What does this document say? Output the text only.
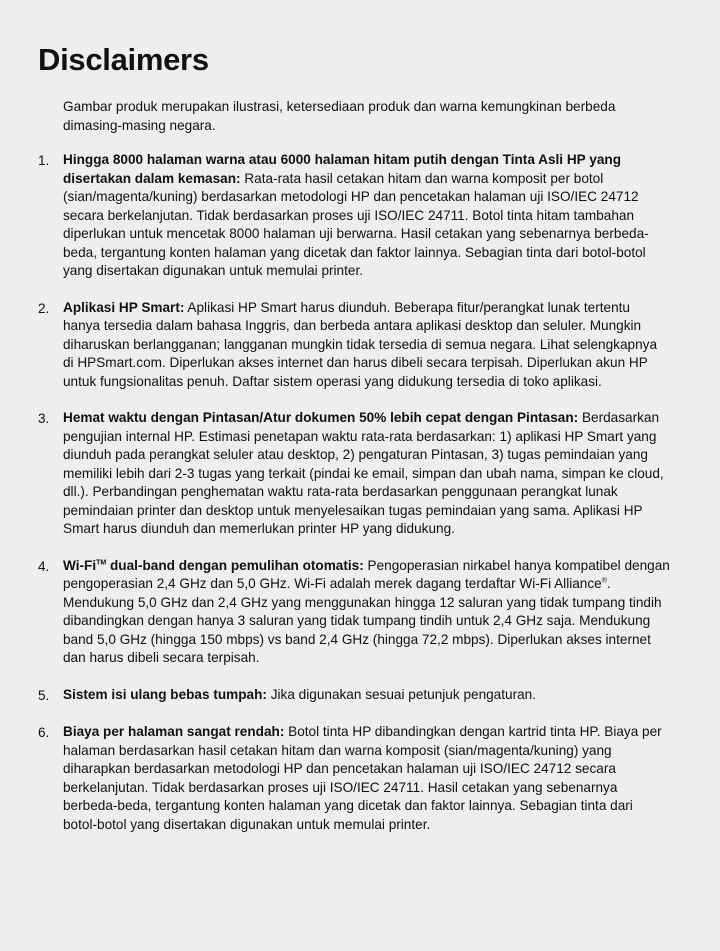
Disclaimers

Gambar produk merupakan ilustrasi, ketersediaan produk dan warna kemungkinan berbeda dimasing-masing negara.

1.	Hingga 8000 halaman warna atau 6000 halaman hitam putih dengan Tinta Asli HP yang disertakan dalam kemasan: Rata-rata hasil cetakan hitam dan warna komposit per botol (sian/magenta/kuning) berdasarkan metodologi HP dan pencetakan halaman uji ISO/IEC 24712 secara berkelanjutan. Tidak berdasarkan proses uji ISO/IEC 24711. Botol tinta hitam tambahan diperlukan untuk mencetak 8000 halaman uji berwarna. Hasil cetakan yang sebenarnya berbeda-beda, tergantung konten halaman yang dicetak dan faktor lainnya. Sebagian tinta dari botol-botol yang disertakan digunakan untuk memulai printer.
2.	Aplikasi HP Smart: Aplikasi HP Smart harus diunduh. Beberapa fitur/perangkat lunak tertentu hanya tersedia dalam bahasa Inggris, dan berbeda antara aplikasi desktop dan seluler. Mungkin diharuskan berlangganan; langganan mungkin tidak tersedia di semua negara. Lihat selengkapnya di HPSmart.com. Diperlukan akses internet dan harus dibeli secara terpisah. Diperlukan akun HP untuk fungsionalitas penuh. Daftar sistem operasi yang didukung tersedia di toko aplikasi.
3.	Hemat waktu dengan Pintasan/Atur dokumen 50% lebih cepat dengan Pintasan: Berdasarkan pengujian internal HP. Estimasi penetapan waktu rata-rata berdasarkan: 1) aplikasi HP Smart yang diunduh pada perangkat seluler atau desktop, 2) pengaturan Pintasan, 3) tugas pemindaian yang memiliki lebih dari 2-3 tugas yang terkait (pindai ke email, simpan dan ubah nama, simpan ke cloud, dll.). Perbandingan penghematan waktu rata-rata berdasarkan penggunaan perangkat lunak pemindaian printer dan desktop untuk menyelesaikan tugas pemindaian yang sama. Aplikasi HP Smart harus diunduh dan memerlukan printer HP yang didukung.
4.	Wi-Fi™ dual-band dengan pemulihan otomatis: Pengoperasian nirkabel hanya kompatibel dengan pengoperasian 2,4 GHz dan 5,0 GHz. Wi-Fi adalah merek dagang terdaftar Wi-Fi Alliance®. Mendukung 5,0 GHz dan 2,4 GHz yang menggunakan hingga 12 saluran yang tidak tumpang tindih dibandingkan dengan hanya 3 saluran yang tidak tumpang tindih untuk 2,4 GHz saja. Mendukung band 5,0 GHz (hingga 150 mbps) vs band 2,4 GHz (hingga 72,2 mbps). Diperlukan akses internet dan harus dibeli secara terpisah.
5.	Sistem isi ulang bebas tumpah: Jika digunakan sesuai petunjuk pengaturan.
6.	Biaya per halaman sangat rendah: Botol tinta HP dibandingkan dengan kartrid tinta HP. Biaya per halaman berdasarkan hasil cetakan hitam dan warna komposit (sian/magenta/kuning) yang diharapkan berdasarkan metodologi HP dan pencetakan halaman uji ISO/IEC 24712 secara berkelanjutan. Tidak berdasarkan proses uji ISO/IEC 24711. Hasil cetakan yang sebenarnya berbeda-beda, tergantung konten halaman yang dicetak dan faktor lainnya. Sebagian tinta dari botol-botol yang disertakan digunakan untuk memulai printer.
